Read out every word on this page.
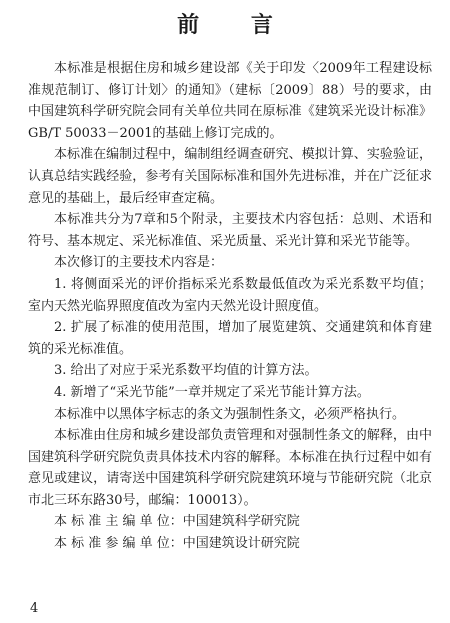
前 言

本标准是根据住房和城乡建设部《关于印发〈2009年工程建设标准规范制订、修订计划〉的通知》（建标〔2009〕88）号的要求，由中国建筑科学研究院会同有关单位共同在原标准《建筑采光设计标准》GB/T 50033－2001的基础上修订完成的。

本标准在编制过程中，编制组经调查研究、模拟计算、实验验证，认真总结实践经验，参考有关国际标准和国外先进标准，并在广泛征求意见的基础上，最后经审查定稿。

本标准共分为7章和5个附录，主要技术内容包括：总则、术语和符号、基本规定、采光标准值、采光质量、采光计算和采光节能等。

本次修订的主要技术内容是：

1. 将侧面采光的评价指标采光系数最低值改为采光系数平均值；室内天然光临界照度值改为室内天然光设计照度值。

2. 扩展了标准的使用范围，增加了展览建筑、交通建筑和体育建筑的采光标准值。

3. 给出了对应于采光系数平均值的计算方法。

4. 新增了“采光节能”一章并规定了采光节能计算方法。

本标准中以黑体字标志的条文为强制性条文，必须严格执行。

本标准由住房和城乡建设部负责管理和对强制性条文的解释，由中国建筑科学研究院负责具体技术内容的解释。本标准在执行过程中如有意见或建议，请寄送中国建筑科学研究院建筑环境与节能研究院（北京市北三环东路30号，邮编：100013）。

本 标 准 主 编 单 位：中国建筑科学研究院

本 标 准 参 编 单 位：中国建筑设计研究院

4
